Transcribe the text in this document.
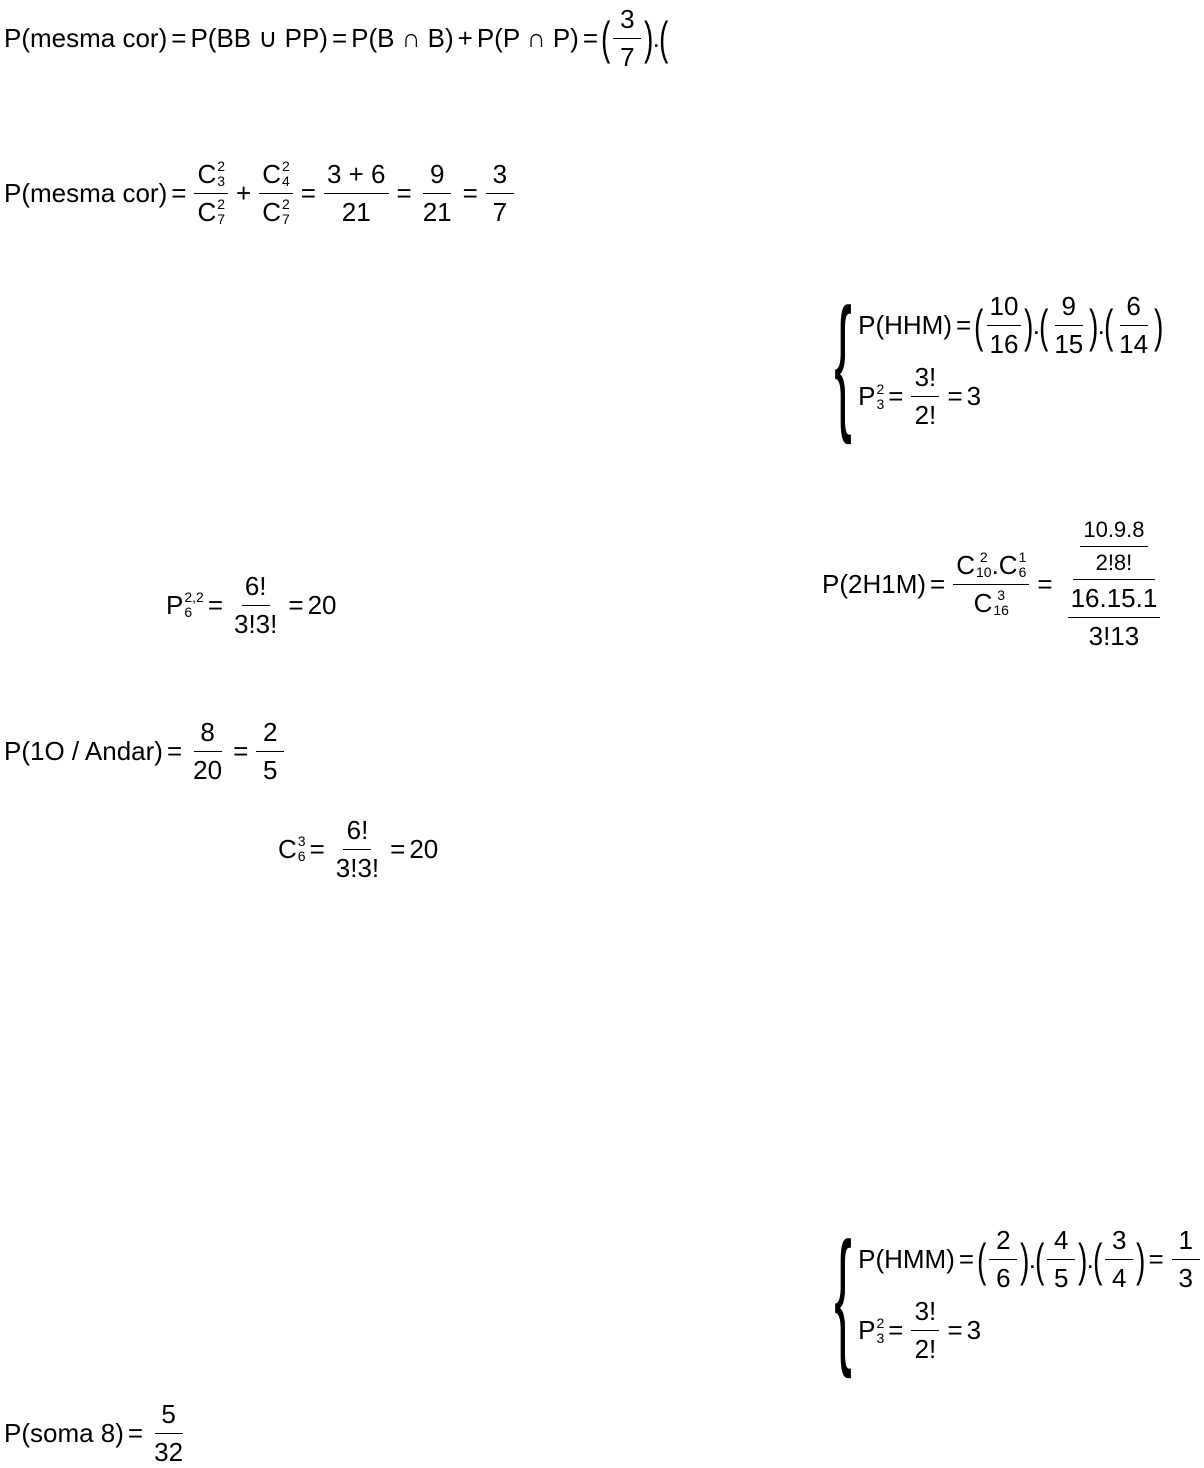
P(mesma cor) = P(BB ∪ PP) = P(B ∩ B) + P(P ∩ P) = ( $\frac{3}{7}$ ) . (
P(mesma cor) = C 2
3
C 2
7 + C 2
4
C 2
$7 = \frac{3 + 6}{21} = \frac{9}{21} = \frac{3}{7}$
{ P(HHM) = ( $\frac{10}{16}$ ) . ( $\frac{9}{15}$ ) . ( $\frac{6}{14}$ )
P 2
$3 = \frac{3!}{2!} = 3$
P(2H1M) = C 2
10 . C 1
6
C 3
$16 = \frac{\frac{10.9.8}{2!8!}}{\frac{16.15.1}{3!13}}$
P 2,2
$6 = \frac{6!}{3!3!} = 20$
P(1O / Andar) = $\frac{8}{20} = \frac{2}{5}$
C 3
$6 = \frac{6!}{3!3!} = 20$
{ P(HMM) = ( $\frac{2}{6}$ ) . ( $\frac{4}{5}$ ) . ( $\frac{3}{4}$ ) = $\frac{1}{3}$
P 2
$3 = \frac{3!}{2!} = 3$
P(soma $8) = \frac{5}{32}$
